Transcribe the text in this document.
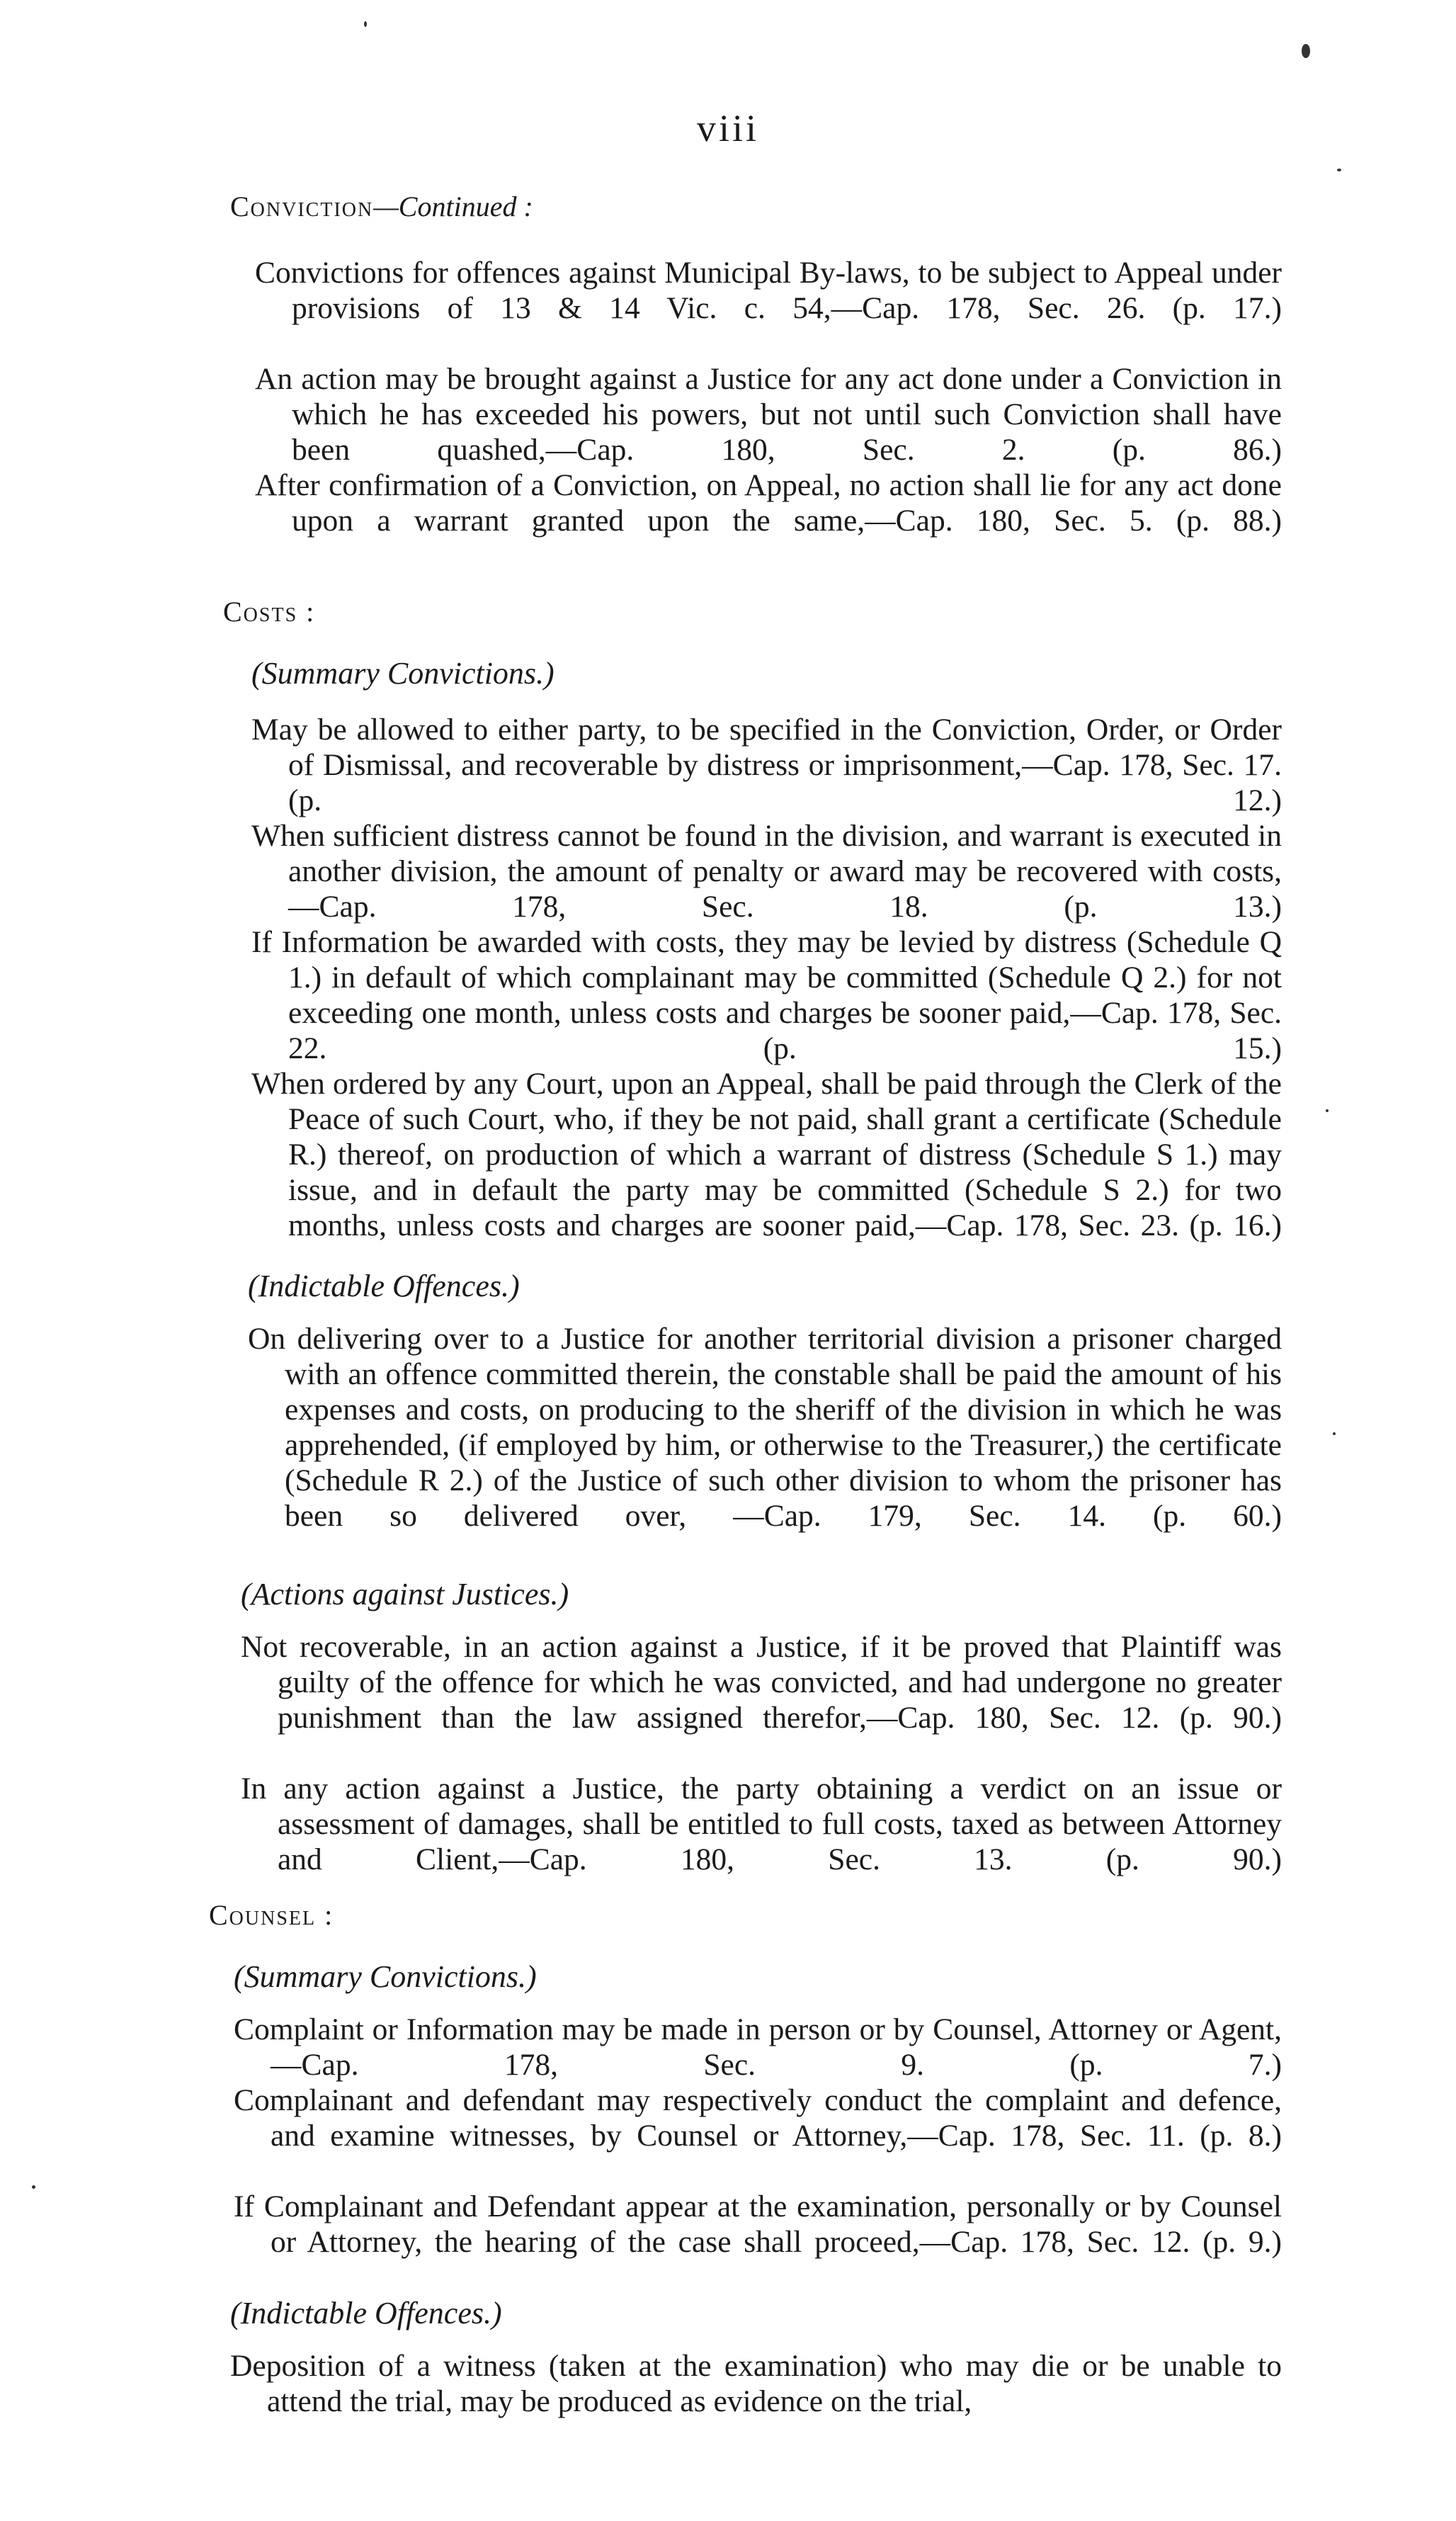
viii
Conviction—Continued :
Convictions for offences against Municipal By-laws, to be subject to Appeal under provisions of 13 & 14 Vic. c. 54,—Cap. 178, Sec. 26. (p. 17.)
An action may be brought against a Justice for any act done under a Conviction in which he has exceeded his powers, but not until such Conviction shall have been quashed,—Cap. 180, Sec. 2. (p. 86.)
After confirmation of a Conviction, on Appeal, no action shall lie for any act done upon a warrant granted upon the same,—Cap. 180, Sec. 5. (p. 88.)
Costs :
(Summary Convictions.)
May be allowed to either party, to be specified in the Conviction, Order, or Order of Dismissal, and recoverable by distress or imprisonment,—Cap. 178, Sec. 17. (p. 12.)
When sufficient distress cannot be found in the division, and warrant is executed in another division, the amount of penalty or award may be recovered with costs,—Cap. 178, Sec. 18. (p. 13.)
If Information be awarded with costs, they may be levied by distress (Schedule Q 1.) in default of which complainant may be committed (Schedule Q 2.) for not exceeding one month, unless costs and charges be sooner paid,—Cap. 178, Sec. 22. (p. 15.)
When ordered by any Court, upon an Appeal, shall be paid through the Clerk of the Peace of such Court, who, if they be not paid, shall grant a certificate (Schedule R.) thereof, on production of which a warrant of distress (Schedule S 1.) may issue, and in default the party may be committed (Schedule S 2.) for two months, unless costs and charges are sooner paid,—Cap. 178, Sec. 23. (p. 16.)
(Indictable Offences.)
On delivering over to a Justice for another territorial division a prisoner charged with an offence committed therein, the constable shall be paid the amount of his expenses and costs, on producing to the sheriff of the division in which he was apprehended, (if employed by him, or otherwise to the Treasurer,) the certificate (Schedule R 2.) of the Justice of such other division to whom the prisoner has been so delivered over, —Cap. 179, Sec. 14. (p. 60.)
(Actions against Justices.)
Not recoverable, in an action against a Justice, if it be proved that Plaintiff was guilty of the offence for which he was convicted, and had undergone no greater punishment than the law assigned therefor,—Cap. 180, Sec. 12. (p. 90.)
In any action against a Justice, the party obtaining a verdict on an issue or assessment of damages, shall be entitled to full costs, taxed as between Attorney and Client,—Cap. 180, Sec. 13. (p. 90.)
Counsel :
(Summary Convictions.)
Complaint or Information may be made in person or by Counsel, Attorney or Agent,—Cap. 178, Sec. 9. (p. 7.)
Complainant and defendant may respectively conduct the complaint and defence, and examine witnesses, by Counsel or Attorney,—Cap. 178, Sec. 11. (p. 8.)
If Complainant and Defendant appear at the examination, personally or by Counsel or Attorney, the hearing of the case shall proceed,—Cap. 178, Sec. 12. (p. 9.)
(Indictable Offences.)
Deposition of a witness (taken at the examination) who may die or be unable to attend the trial, may be produced as evidence on the trial,
